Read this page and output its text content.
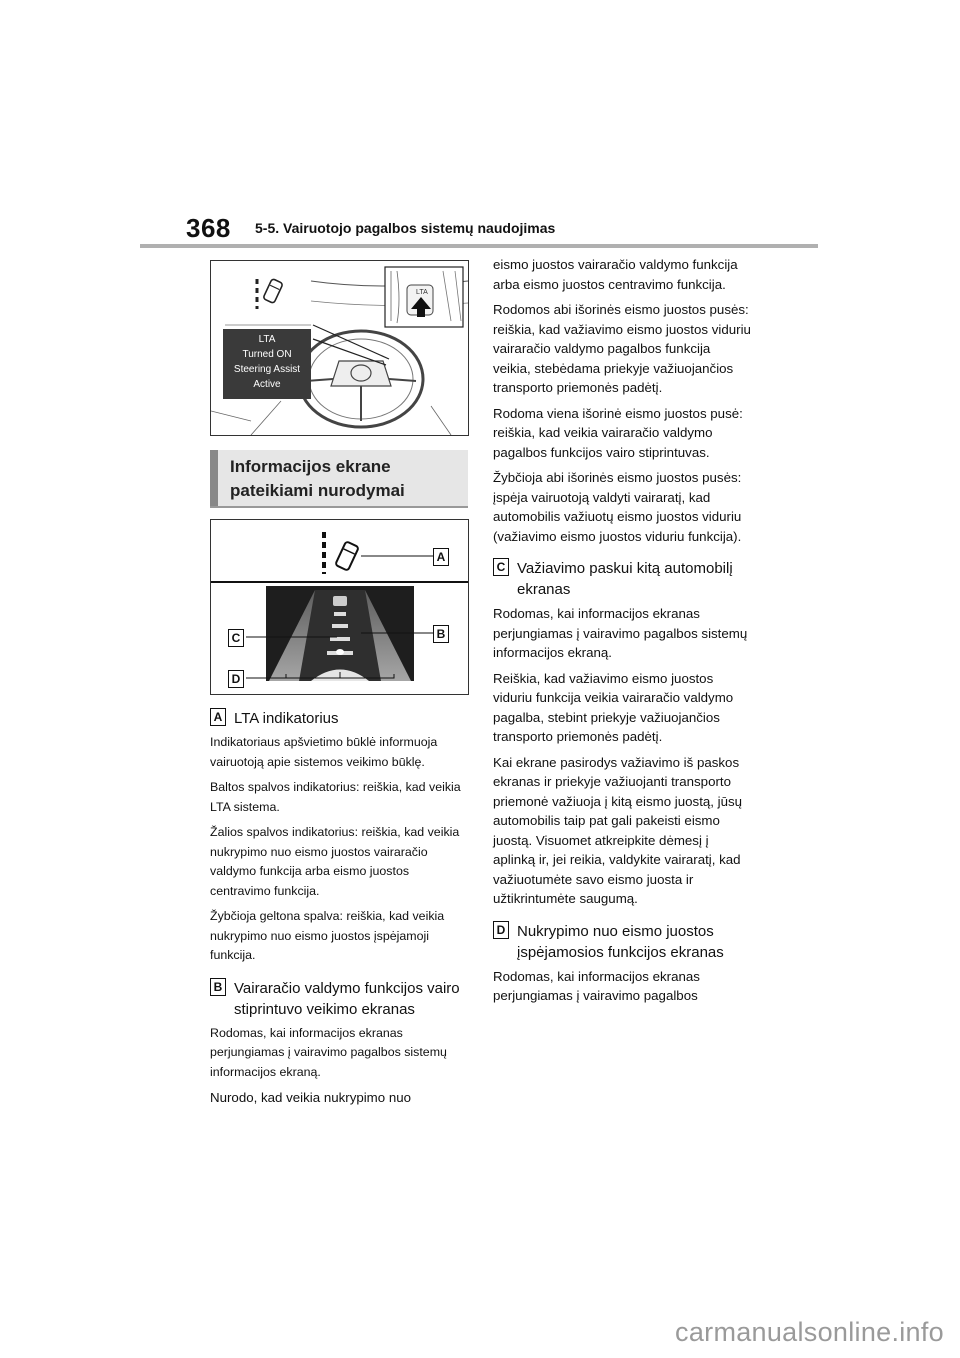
368 5-5. Vairuotojo pagalbos sistemų naudojimas
LTA
LTA
Turned ON
Steering Assist
Active
Informacijos ekrane
pateikiami nurodymai
A
B
C
D
A LTA indikatorius

Indikatoriaus apšvietimo būklė informuoja vairuotoją apie sistemos veikimo būklę.

Baltos spalvos indikatorius: reiškia, kad veikia LTA sistema.

Žalios spalvos indikatorius: reiškia, kad veikia nukrypimo nuo eismo juostos vairaračio valdymo funkcija arba eismo juostos centravimo funkcija.

Žybčioja geltona spalva: reiškia, kad veikia nukrypimo nuo eismo juostos įspėjamoji funkcija.

B Vairaračio valdymo funkcijos vairo stiprintuvo veikimo ekranas

Rodomas, kai informacijos ekranas perjungiamas į vairavimo pagalbos sistemų informacijos ekraną.

Nurodo, kad veikia nukrypimo nuo

eismo juostos vairaračio valdymo funkcija arba eismo juostos centravimo funkcija.

Rodomos abi išorinės eismo juostos pusės: reiškia, kad važiavimo eismo juostos viduriu vairaračio valdymo pagalbos funkcija veikia, stebėdama priekyje važiuojančios transporto priemonės padėtį.

Rodoma viena išorinė eismo juostos pusė: reiškia, kad veikia vairaračio valdymo pagalbos funkcijos vairo stiprintuvas.

Žybčioja abi išorinės eismo juostos pusės: įspėja vairuotoją valdyti vairaratį, kad automobilis važiuotų eismo juostos viduriu (važiavimo eismo juostos viduriu funkcija).

C Važiavimo paskui kitą automobilį ekranas

Rodomas, kai informacijos ekranas perjungiamas į vairavimo pagalbos sistemų informacijos ekraną.

Reiškia, kad važiavimo eismo juostos viduriu funkcija veikia vairaračio valdymo pagalba, stebint priekyje važiuojančios transporto priemonės padėtį.

Kai ekrane pasirodys važiavimo iš paskos ekranas ir priekyje važiuojanti transporto priemonė važiuoja į kitą eismo juostą, jūsų automobilis taip pat gali pakeisti eismo juostą. Visuomet atkreipkite dėmesį į aplinką ir, jei reikia, valdykite vairaratį, kad važiuotumėte savo eismo juosta ir užtikrintumėte saugumą.

D Nukrypimo nuo eismo juostos įspėjamosios funkcijos ekranas

Rodomas, kai informacijos ekranas perjungiamas į vairavimo pagalbos

carmanualsonline.info
